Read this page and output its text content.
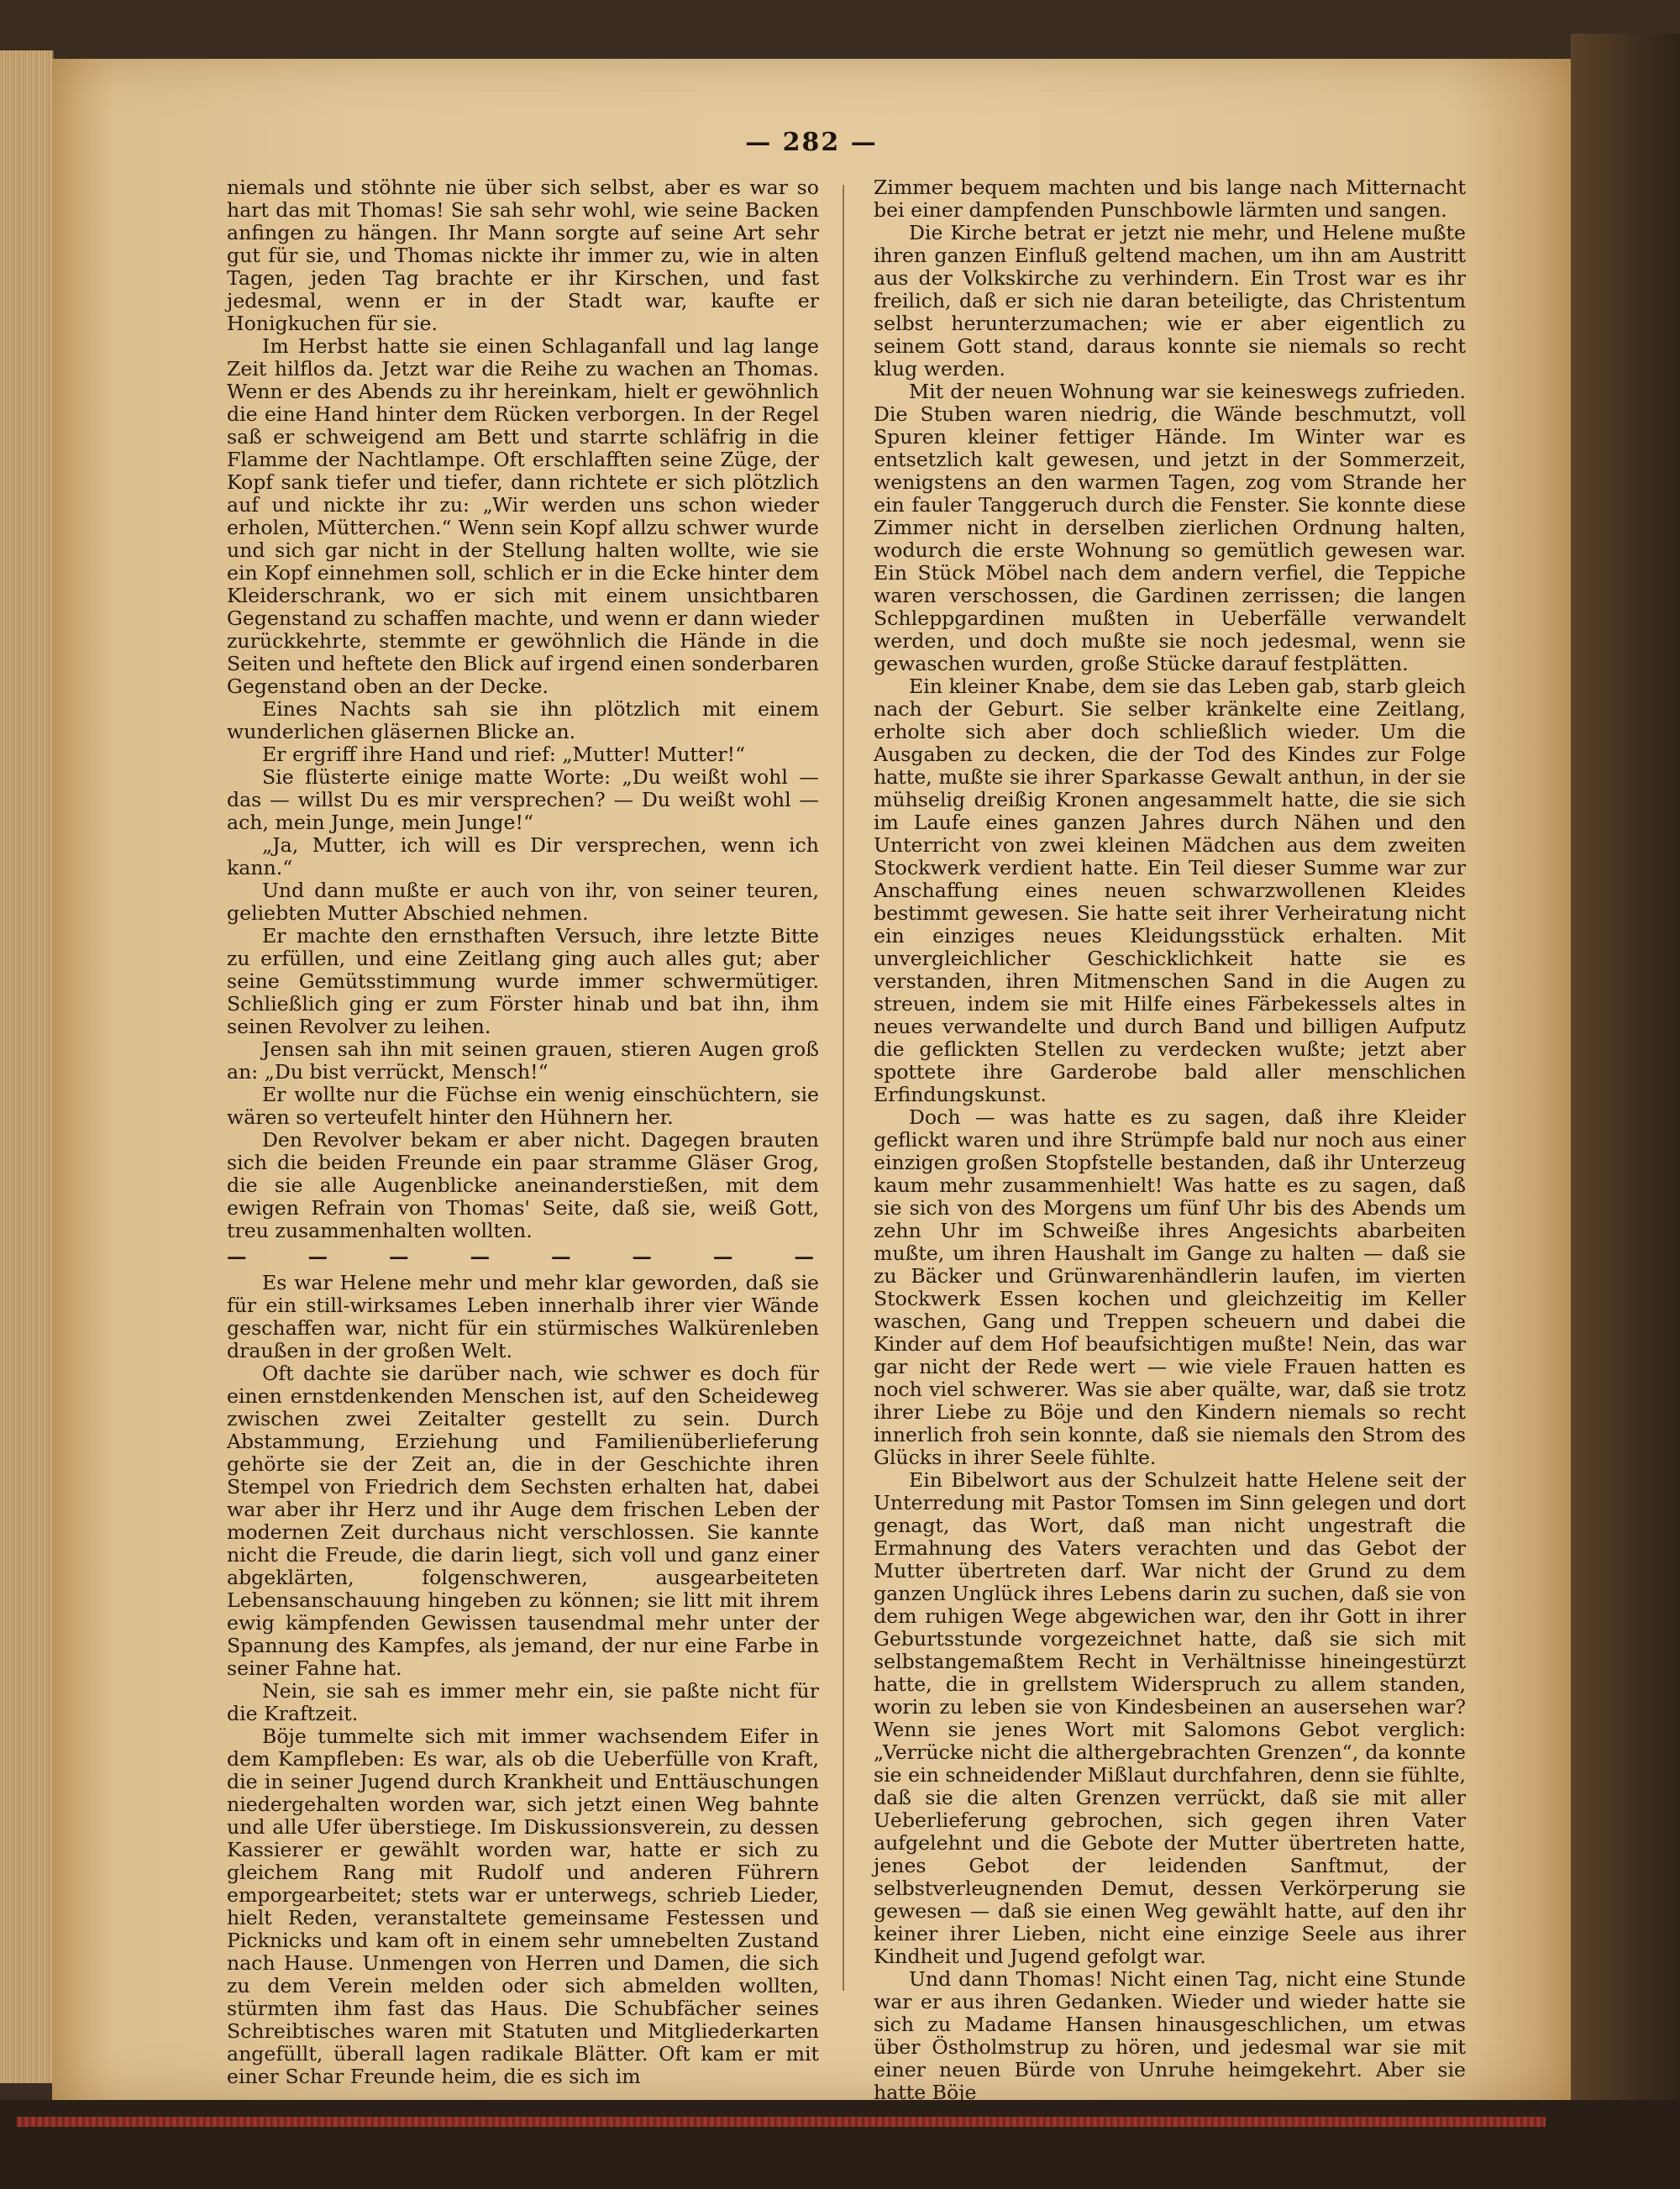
— 282 —

niemals und stöhnte nie über sich selbst, aber es war so hart das mit Thomas! Sie sah sehr wohl, wie seine Backen anfingen zu hängen. Ihr Mann sorgte auf seine Art sehr gut für sie, und Thomas nickte ihr immer zu, wie in alten Tagen, jeden Tag brachte er ihr Kirschen, und fast jedesmal, wenn er in der Stadt war, kaufte er Honigkuchen für sie.

Im Herbst hatte sie einen Schlaganfall und lag lange Zeit hilflos da. Jetzt war die Reihe zu wachen an Thomas. Wenn er des Abends zu ihr hereinkam, hielt er gewöhnlich die eine Hand hinter dem Rücken verborgen. In der Regel saß er schweigend am Bett und starrte schläfrig in die Flamme der Nachtlampe. Oft erschlafften seine Züge, der Kopf sank tiefer und tiefer, dann richtete er sich plötzlich auf und nickte ihr zu: „Wir werden uns schon wieder erholen, Mütterchen.“ Wenn sein Kopf allzu schwer wurde und sich gar nicht in der Stellung halten wollte, wie sie ein Kopf einnehmen soll, schlich er in die Ecke hinter dem Kleiderschrank, wo er sich mit einem unsichtbaren Gegenstand zu schaffen machte, und wenn er dann wieder zurückkehrte, stemmte er gewöhnlich die Hände in die Seiten und heftete den Blick auf irgend einen sonderbaren Gegenstand oben an der Decke.

Eines Nachts sah sie ihn plötzlich mit einem wunderlichen gläsernen Blicke an.

Er ergriff ihre Hand und rief: „Mutter! Mutter!“

Sie flüsterte einige matte Worte: „Du weißt wohl — das — willst Du es mir versprechen? — Du weißt wohl — ach, mein Junge, mein Junge!“

„Ja, Mutter, ich will es Dir versprechen, wenn ich kann.“

Und dann mußte er auch von ihr, von seiner teuren, geliebten Mutter Abschied nehmen.

Er machte den ernsthaften Versuch, ihre letzte Bitte zu erfüllen, und eine Zeitlang ging auch alles gut; aber seine Gemütsstimmung wurde immer schwermütiger. Schließlich ging er zum Förster hinab und bat ihn, ihm seinen Revolver zu leihen.

Jensen sah ihn mit seinen grauen, stieren Augen groß an: „Du bist verrückt, Mensch!“

Er wollte nur die Füchse ein wenig einschüchtern, sie wären so verteufelt hinter den Hühnern her.

Den Revolver bekam er aber nicht. Dagegen brauten sich die beiden Freunde ein paar stramme Gläser Grog, die sie alle Augenblicke aneinanderstießen, mit dem ewigen Refrain von Thomas' Seite, daß sie, weiß Gott, treu zusammenhalten wollten.

—	—	—	—	—	—	—	—

Es war Helene mehr und mehr klar geworden, daß sie für ein still-wirksames Leben innerhalb ihrer vier Wände geschaffen war, nicht für ein stürmisches Walkürenleben draußen in der großen Welt.

Oft dachte sie darüber nach, wie schwer es doch für einen ernstdenkenden Menschen ist, auf den Scheideweg zwischen zwei Zeitalter gestellt zu sein. Durch Abstammung, Erziehung und Familienüberlieferung gehörte sie der Zeit an, die in der Geschichte ihren Stempel von Friedrich dem Sechsten erhalten hat, dabei war aber ihr Herz und ihr Auge dem frischen Leben der modernen Zeit durchaus nicht verschlossen. Sie kannte nicht die Freude, die darin liegt, sich voll und ganz einer abgeklärten, folgenschweren, ausgearbeiteten Lebensanschauung hingeben zu können; sie litt mit ihrem ewig kämpfenden Gewissen tausendmal mehr unter der Spannung des Kampfes, als jemand, der nur eine Farbe in seiner Fahne hat.

Nein, sie sah es immer mehr ein, sie paßte nicht für die Kraftzeit.

Böje tummelte sich mit immer wachsendem Eifer in dem Kampfleben: Es war, als ob die Ueberfülle von Kraft, die in seiner Jugend durch Krankheit und Enttäuschungen niedergehalten worden war, sich jetzt einen Weg bahnte und alle Ufer überstiege. Im Diskussionsverein, zu dessen Kassierer er gewählt worden war, hatte er sich zu gleichem Rang mit Rudolf und anderen Führern emporgearbeitet; stets war er unterwegs, schrieb Lieder, hielt Reden, veranstaltete gemeinsame Festessen und Picknicks und kam oft in einem sehr umnebelten Zustand nach Hause. Unmengen von Herren und Damen, die sich zu dem Verein melden oder sich abmelden wollten, stürmten ihm fast das Haus. Die Schubfächer seines Schreibtisches waren mit Statuten und Mitgliederkarten angefüllt, überall lagen radikale Blätter. Oft kam er mit einer Schar Freunde heim, die es sich im

Zimmer bequem machten und bis lange nach Mitternacht bei einer dampfenden Punschbowle lärmten und sangen.

Die Kirche betrat er jetzt nie mehr, und Helene mußte ihren ganzen Einfluß geltend machen, um ihn am Austritt aus der Volkskirche zu verhindern. Ein Trost war es ihr freilich, daß er sich nie daran beteiligte, das Christentum selbst herunterzumachen; wie er aber eigentlich zu seinem Gott stand, daraus konnte sie niemals so recht klug werden.

Mit der neuen Wohnung war sie keineswegs zufrieden. Die Stuben waren niedrig, die Wände beschmutzt, voll Spuren kleiner fettiger Hände. Im Winter war es entsetzlich kalt gewesen, und jetzt in der Sommerzeit, wenigstens an den warmen Tagen, zog vom Strande her ein fauler Tanggeruch durch die Fenster. Sie konnte diese Zimmer nicht in derselben zierlichen Ordnung halten, wodurch die erste Wohnung so gemütlich gewesen war. Ein Stück Möbel nach dem andern verfiel, die Teppiche waren verschossen, die Gardinen zerrissen; die langen Schleppgardinen mußten in Ueberfälle verwandelt werden, und doch mußte sie noch jedesmal, wenn sie gewaschen wurden, große Stücke darauf festplätten.

Ein kleiner Knabe, dem sie das Leben gab, starb gleich nach der Geburt. Sie selber kränkelte eine Zeitlang, erholte sich aber doch schließlich wieder. Um die Ausgaben zu decken, die der Tod des Kindes zur Folge hatte, mußte sie ihrer Sparkasse Gewalt anthun, in der sie mühselig dreißig Kronen angesammelt hatte, die sie sich im Laufe eines ganzen Jahres durch Nähen und den Unterricht von zwei kleinen Mädchen aus dem zweiten Stockwerk verdient hatte. Ein Teil dieser Summe war zur Anschaffung eines neuen schwarzwollenen Kleides bestimmt gewesen. Sie hatte seit ihrer Verheiratung nicht ein einziges neues Kleidungsstück erhalten. Mit unvergleichlicher Geschicklichkeit hatte sie es verstanden, ihren Mitmenschen Sand in die Augen zu streuen, indem sie mit Hilfe eines Färbekessels altes in neues verwandelte und durch Band und billigen Aufputz die geflickten Stellen zu verdecken wußte; jetzt aber spottete ihre Garderobe bald aller menschlichen Erfindungskunst.

Doch — was hatte es zu sagen, daß ihre Kleider geflickt waren und ihre Strümpfe bald nur noch aus einer einzigen großen Stopfstelle bestanden, daß ihr Unterzeug kaum mehr zusammenhielt! Was hatte es zu sagen, daß sie sich von des Morgens um fünf Uhr bis des Abends um zehn Uhr im Schweiße ihres Angesichts abarbeiten mußte, um ihren Haushalt im Gange zu halten — daß sie zu Bäcker und Grünwarenhändlerin laufen, im vierten Stockwerk Essen kochen und gleichzeitig im Keller waschen, Gang und Treppen scheuern und dabei die Kinder auf dem Hof beaufsichtigen mußte! Nein, das war gar nicht der Rede wert — wie viele Frauen hatten es noch viel schwerer. Was sie aber quälte, war, daß sie trotz ihrer Liebe zu Böje und den Kindern niemals so recht innerlich froh sein konnte, daß sie niemals den Strom des Glücks in ihrer Seele fühlte.

Ein Bibelwort aus der Schulzeit hatte Helene seit der Unterredung mit Pastor Tomsen im Sinn gelegen und dort genagt, das Wort, daß man nicht ungestraft die Ermahnung des Vaters verachten und das Gebot der Mutter übertreten darf. War nicht der Grund zu dem ganzen Unglück ihres Lebens darin zu suchen, daß sie von dem ruhigen Wege abgewichen war, den ihr Gott in ihrer Geburtsstunde vorgezeichnet hatte, daß sie sich mit selbstangemaßtem Recht in Verhältnisse hineingestürzt hatte, die in grellstem Widerspruch zu allem standen, worin zu leben sie von Kindesbeinen an ausersehen war? Wenn sie jenes Wort mit Salomons Gebot verglich: „Verrücke nicht die althergebrachten Grenzen“, da konnte sie ein schneidender Mißlaut durchfahren, denn sie fühlte, daß sie die alten Grenzen verrückt, daß sie mit aller Ueberlieferung gebrochen, sich gegen ihren Vater aufgelehnt und die Gebote der Mutter übertreten hatte, jenes Gebot der leidenden Sanftmut, der selbstverleugnenden Demut, dessen Verkörperung sie gewesen — daß sie einen Weg gewählt hatte, auf den ihr keiner ihrer Lieben, nicht eine einzige Seele aus ihrer Kindheit und Jugend gefolgt war.

Und dann Thomas! Nicht einen Tag, nicht eine Stunde war er aus ihren Gedanken. Wieder und wieder hatte sie sich zu Madame Hansen hinausgeschlichen, um etwas über Östholmstrup zu hören, und jedesmal war sie mit einer neuen Bürde von Unruhe heimgekehrt. Aber sie hatte Böje
